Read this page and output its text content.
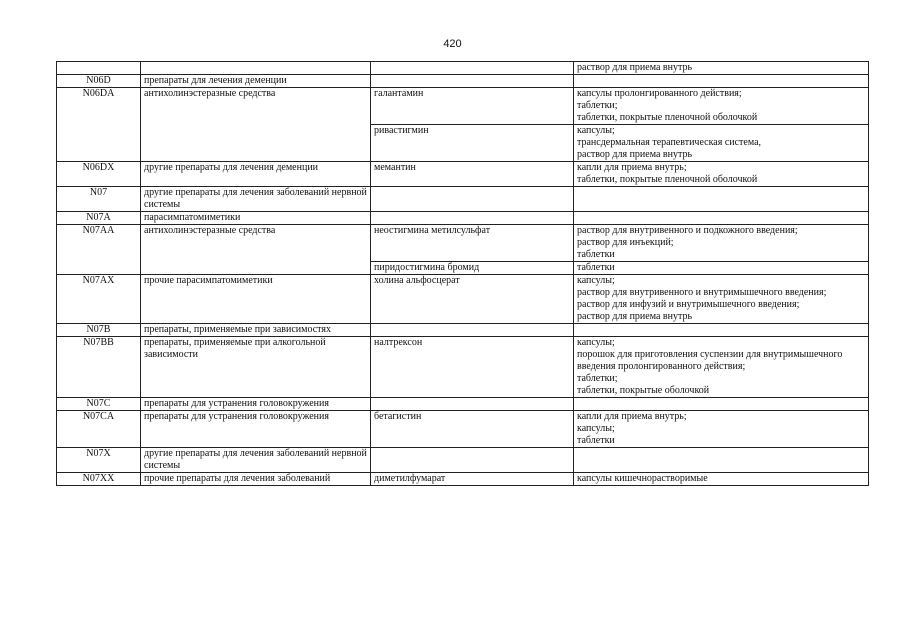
420

			раствор для приема внутрь

N06D	препараты для лечения деменции		
N06DA	антихолинэстеразные средства	галантамин	капсулы пролонгированного действия;
таблетки;
таблетки, покрытые пленочной оболочкой

		ривастигмин	капсулы;
трансдермальная терапевтическая система,
раствор для приема внутрь

N06DX	другие препараты для лечения деменции	мемантин	капли для приема внутрь;
таблетки, покрытые пленочной оболочкой

N07	другие препараты для лечения заболеваний нервной системы		
N07A	парасимпатомиметики		
N07AA	антихолинэстеразные средства	неостигмина метилсульфат	раствор для внутривенного и подкожного введения;
раствор для инъекций;
таблетки

		пиридостигмина бромид	таблетки

N07AX	прочие парасимпатомиметики	холина альфосцерат	капсулы;
раствор для внутривенного и внутримышечного введения;
раствор для инфузий и внутримышечного введения;
раствор для приема внутрь

N07B	препараты, применяемые при зависимостях		
N07BB	препараты, применяемые при алкогольной зависимости	налтрексон	капсулы;
порошок для приготовления суспензии для внутримышечного введения пролонгированного действия;
таблетки;
таблетки, покрытые оболочкой

N07C	препараты для устранения головокружения		
N07CA	препараты для устранения головокружения	бетагистин	капли для приема внутрь;
капсулы;
таблетки

N07X	другие препараты для лечения заболеваний нервной системы		
N07XX	прочие препараты для лечения заболеваний	диметилфумарат	капсулы кишечнорастворимые
